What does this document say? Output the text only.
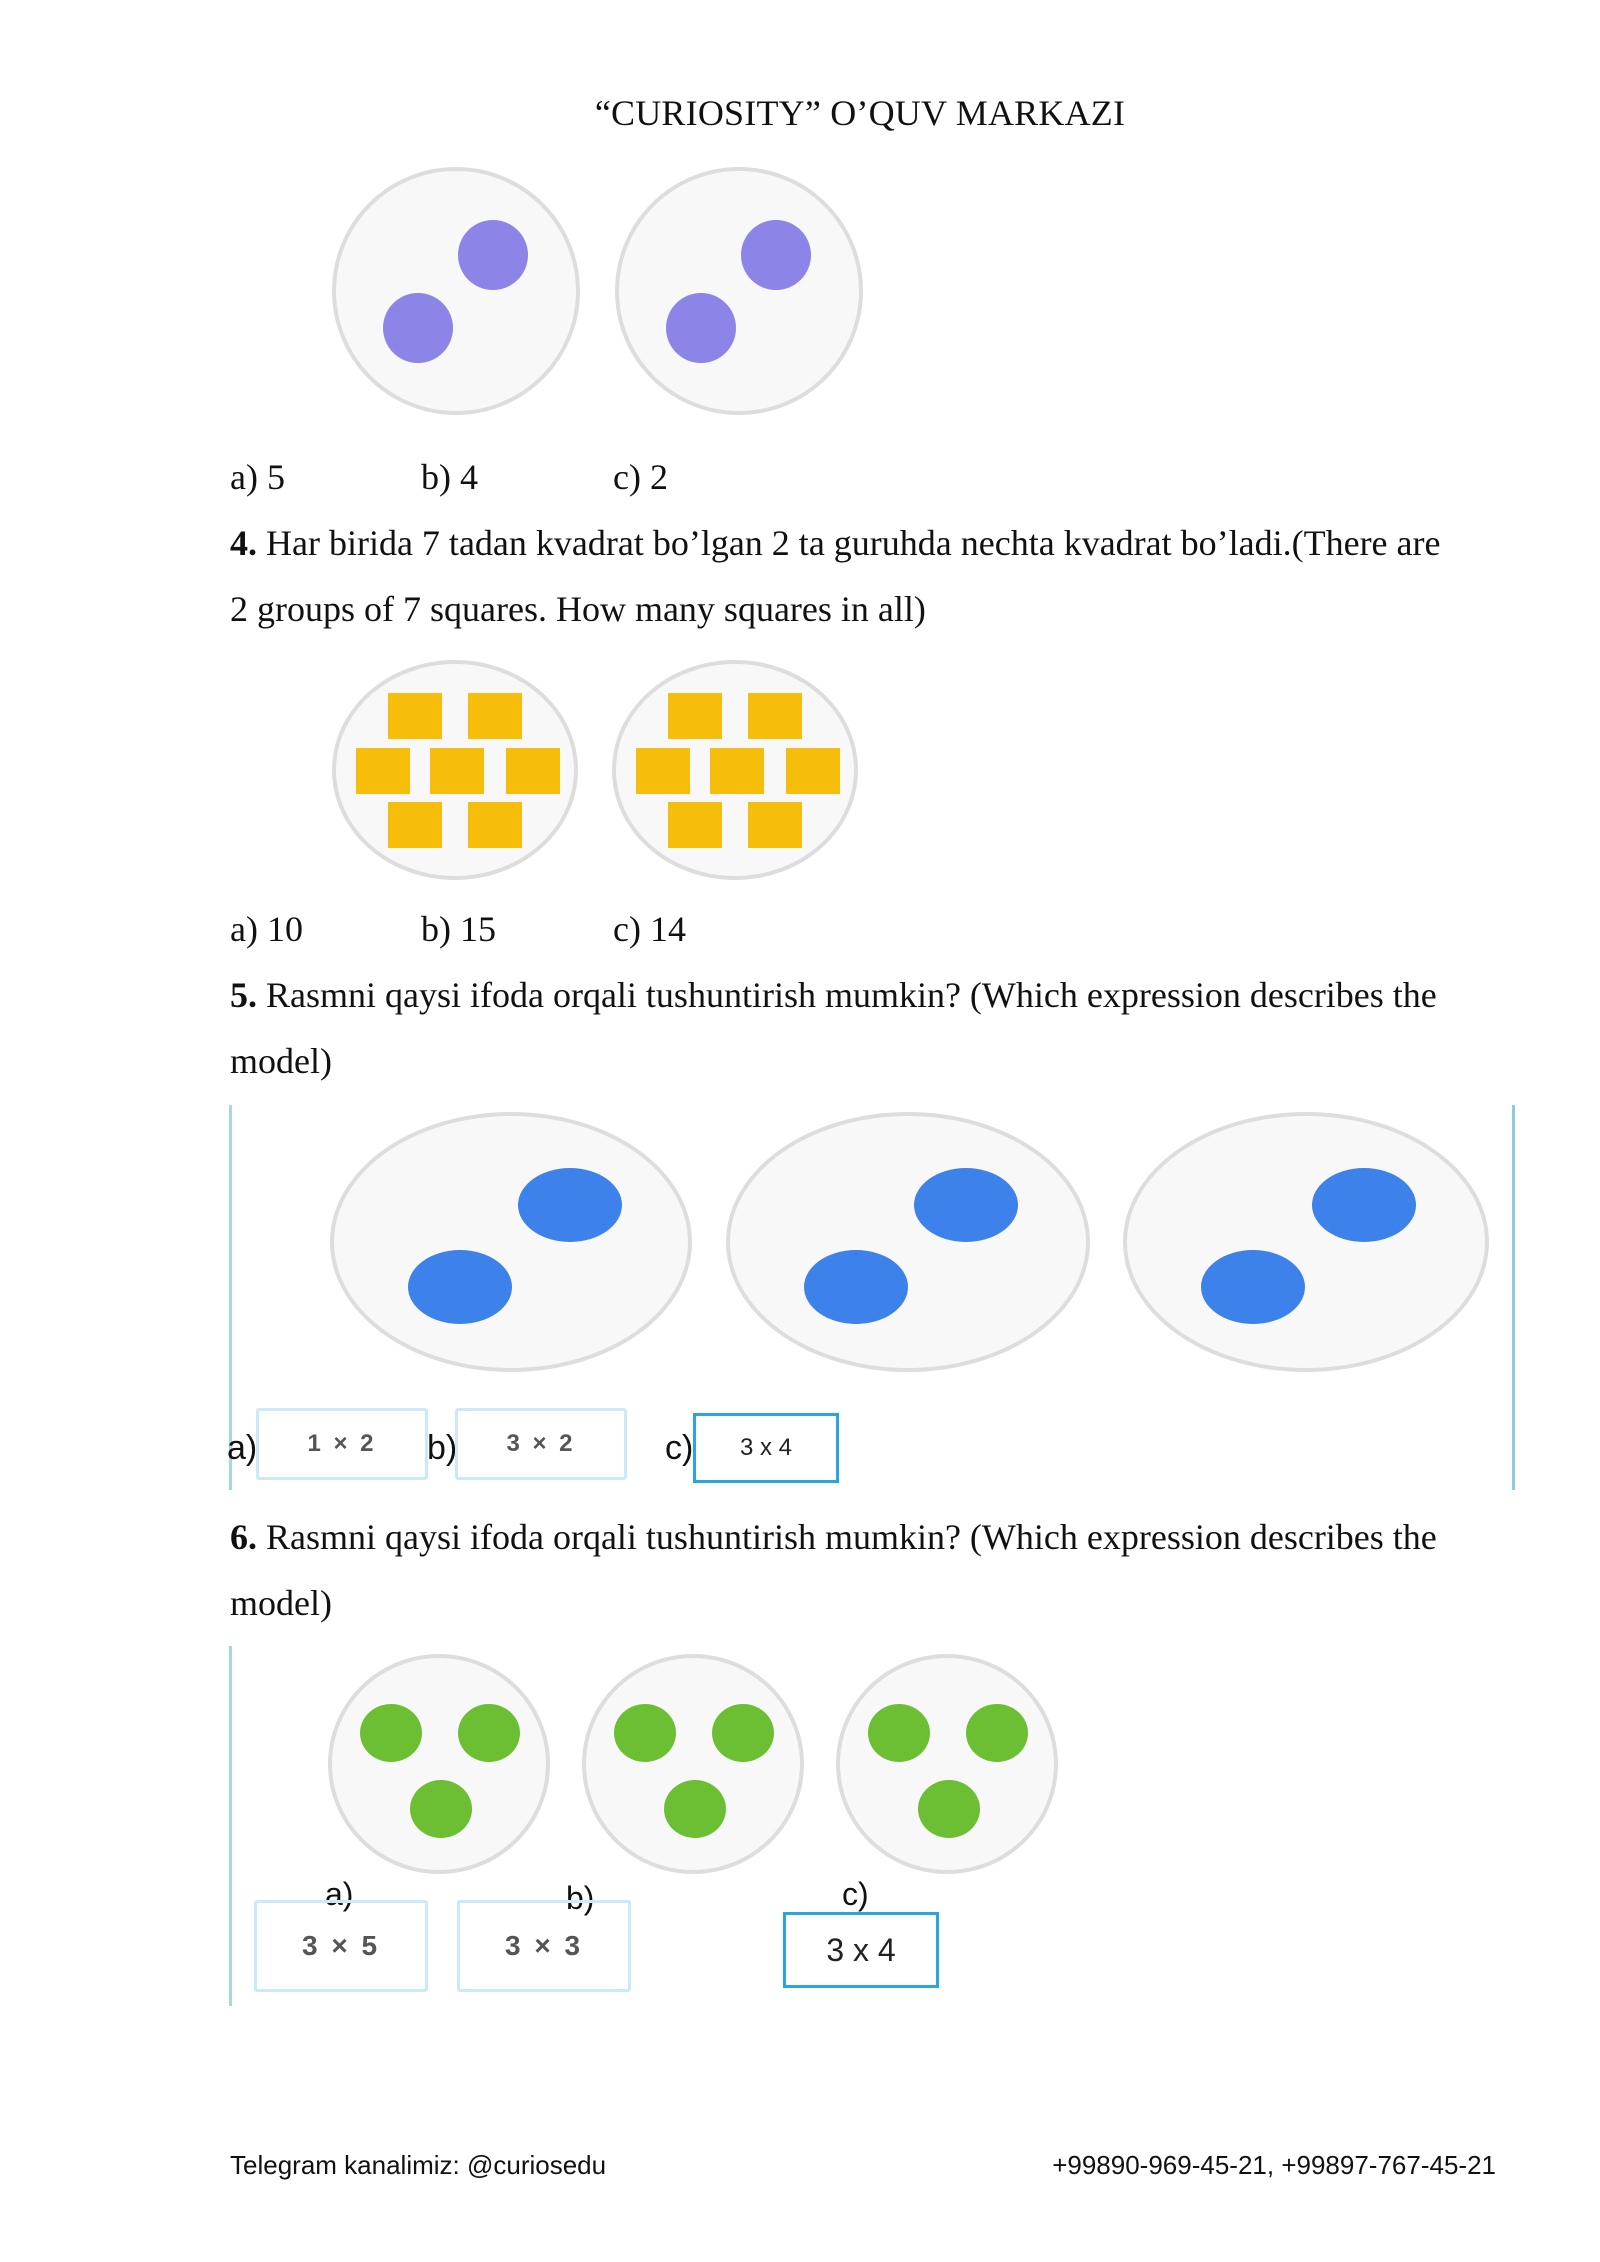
“CURIOSITY” O’QUV MARKAZI
a) 5	b) 4	c) 2
4. Har birida 7 tadan kvadrat bo’lgan 2 ta guruhda nechta kvadrat bo’ladi.(There are
2 groups of 7 squares. How many squares in all)
a) 10	b) 15	c) 14
5. Rasmni qaysi ifoda orqali tushuntirish mumkin? (Which expression describes the
model)
a)	1 × 2	b)	3 × 2	c)	3 x 4
6. Rasmni qaysi ifoda orqali tushuntirish mumkin? (Which expression describes the
model)
a)
3 × 5
b)
3 × 3
c)
3 x 4
Telegram kanalimiz: @curiosedu	+99890-969-45-21, +99897-767-45-21
